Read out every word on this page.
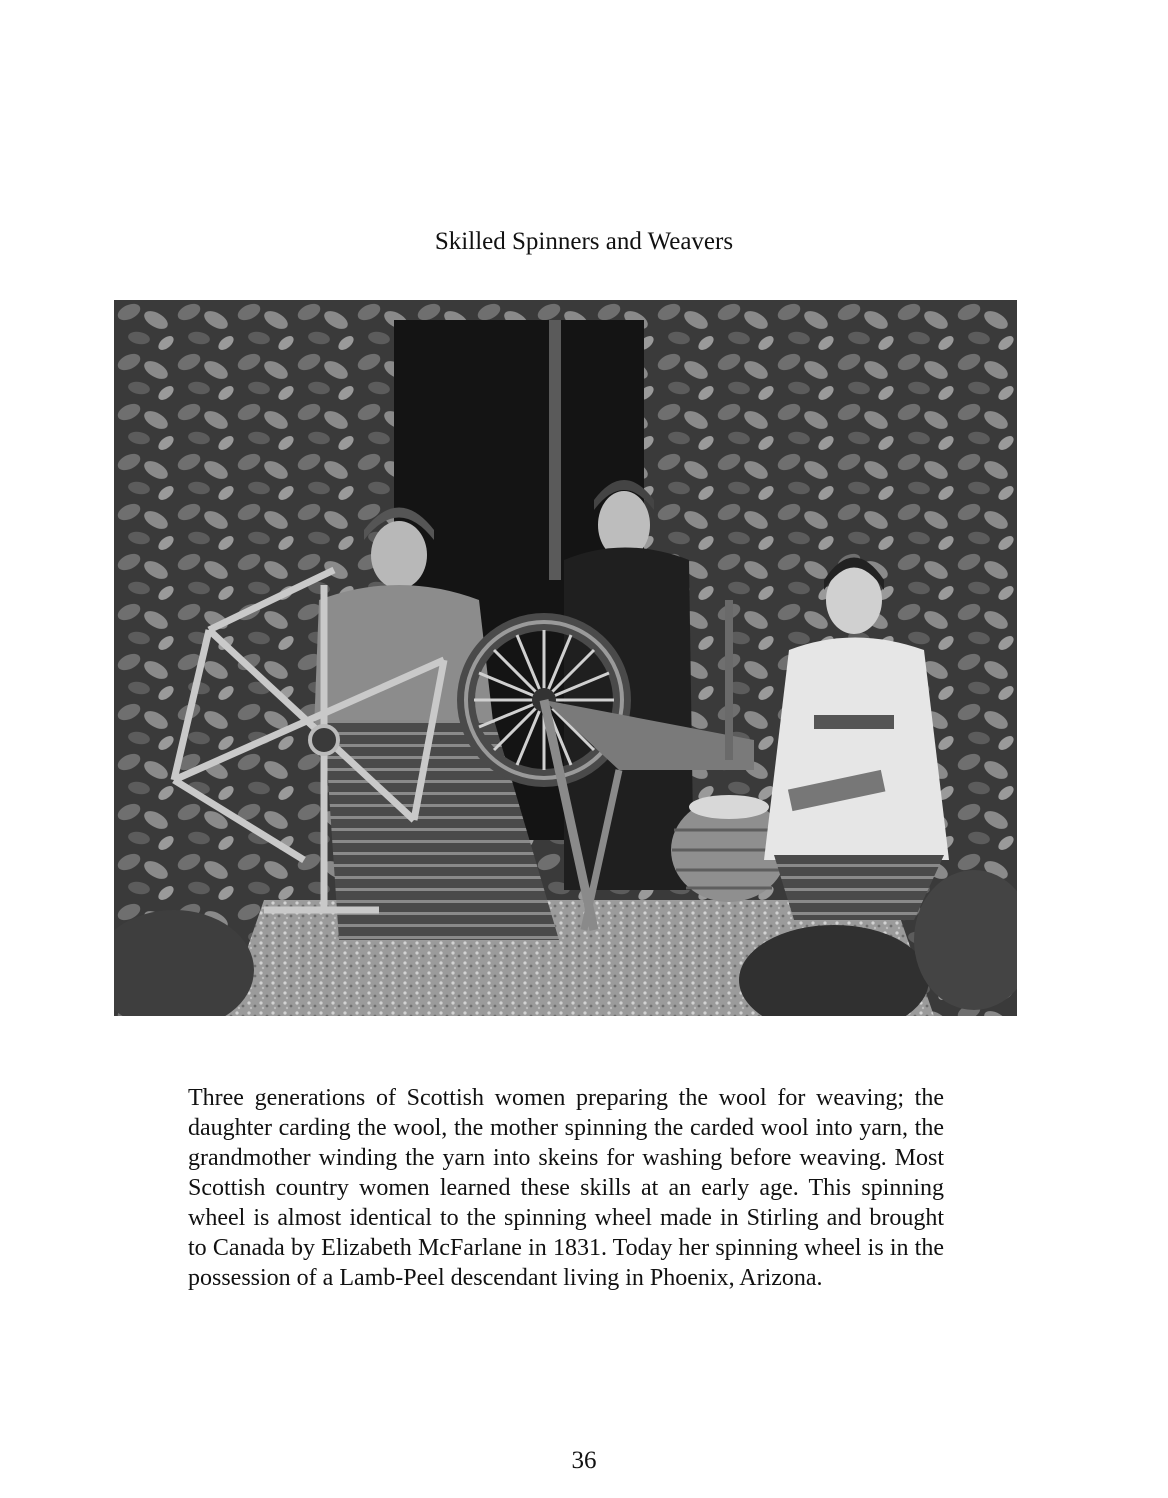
Skilled Spinners and Weavers

Three generations of Scottish women preparing the wool for weaving; the daughter carding the wool, the mother spinning the carded wool into yarn, the grandmother winding the yarn into skeins for washing before weaving. Most Scottish country women learned these skills at an early age. This spinning wheel is almost identical to the spinning wheel made in Stirling and brought to Canada by Elizabeth McFarlane in 1831. Today her spinning wheel is in the possession of a Lamb-Peel descendant living in Phoenix, Arizona.

36
